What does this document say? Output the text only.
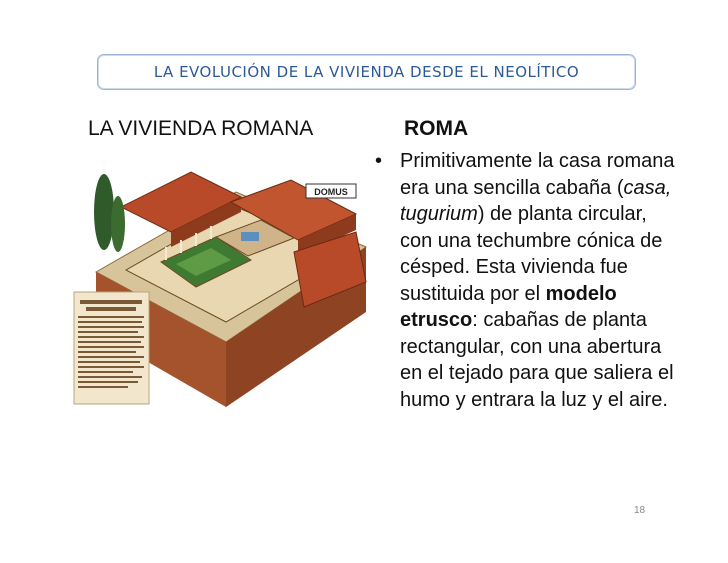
LA EVOLUCIÓN DE LA VIVIENDA DESDE EL NEOLÍTICO
LA VIVIENDA ROMANA	ROMA
DOMUS
• Primitivamente la casa romana era una sencilla cabaña (casa, tugurium) de planta circular, con una techumbre cónica de césped. Esta vivienda fue sustituida por el modelo etrusco: cabañas de planta rectangular, con una abertura en el tejado para que saliera el humo y entrara la luz y el aire.
18
